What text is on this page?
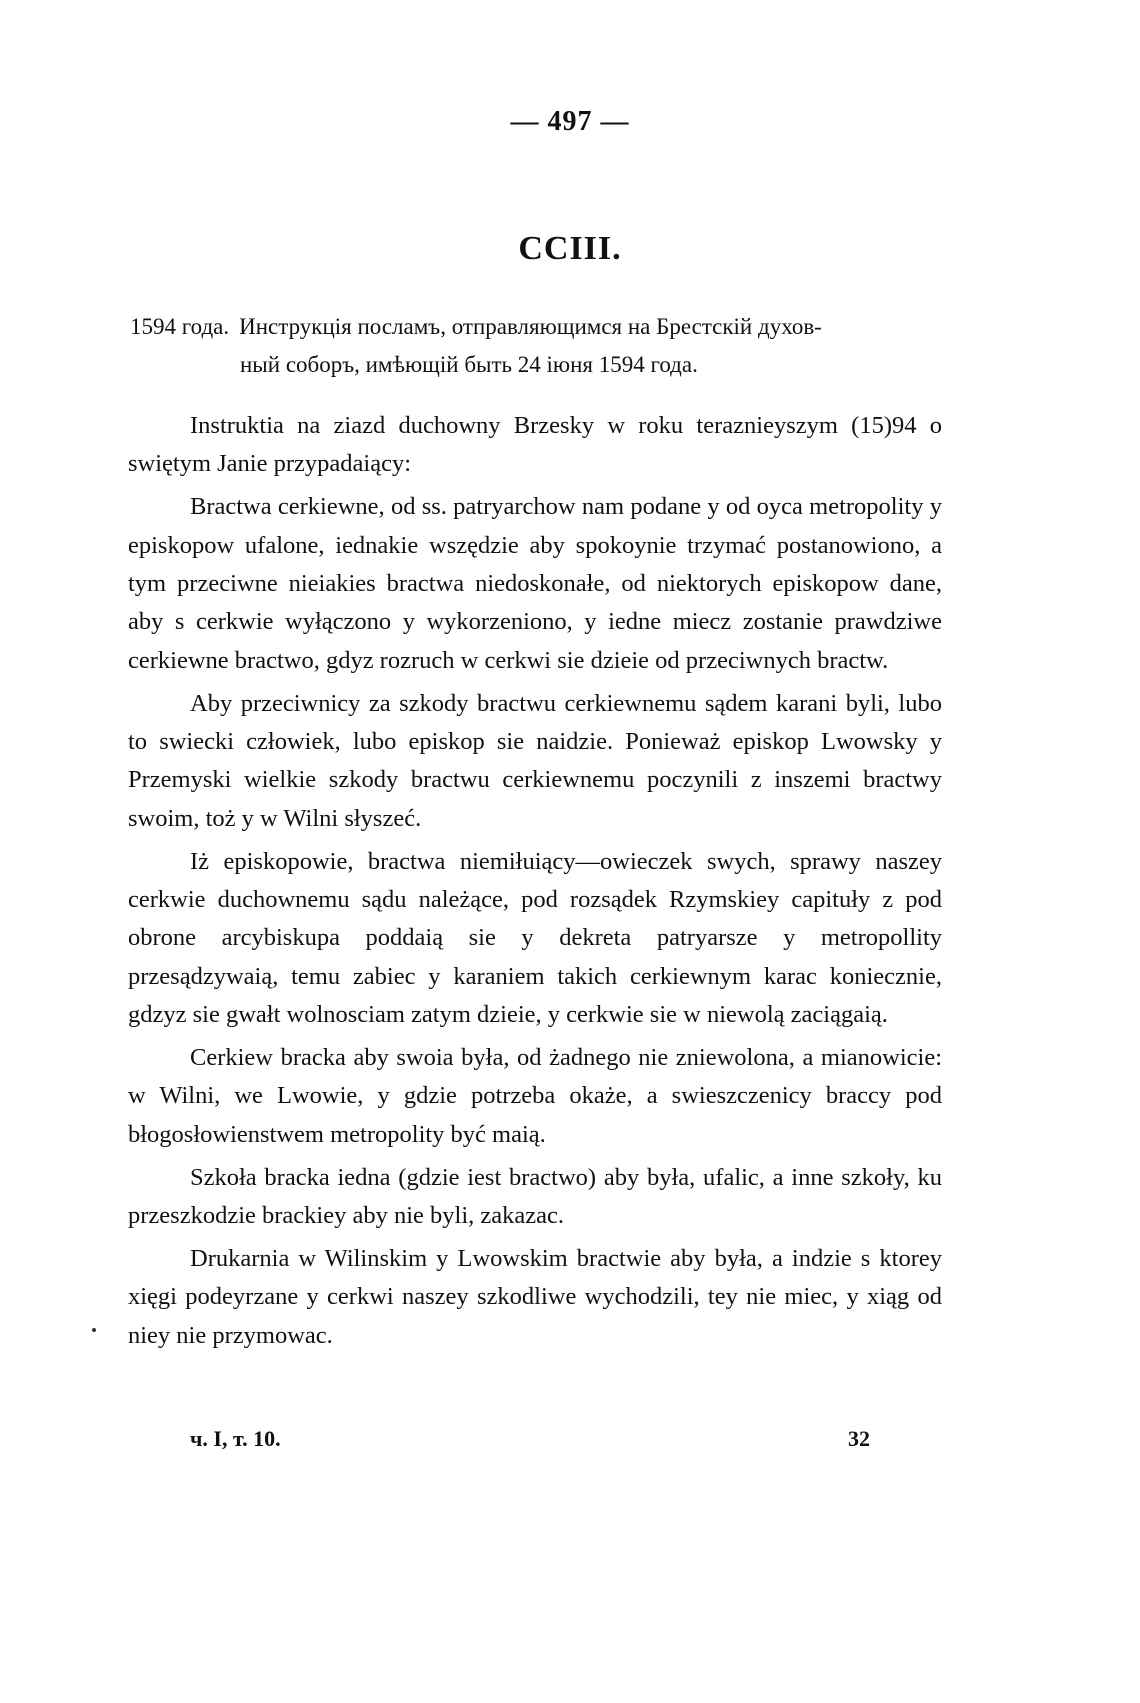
— 497 —
CCIII.
1594 года. Инструкція посламъ, отправляющимся на Брестскій духов-
ный соборъ, имѣющій быть 24 іюня 1594 года.

Instruktia na ziazd duchowny Brzesky w roku teraznieyszym (15)94 o swiętym Janie przypadaiący:

Bractwa cerkiewne, od ss. patryarchow nam podane y od oyca metropolity y episkopow ufalone, iednakie wszędzie aby spokoynie trzymać postanowiono, a tym przeciwne nieiakies bractwa niedoskonałe, od niektorych episkopow dane, aby s cerkwie wyłączono y wykorzeniono, y iedne miecz zostanie prawdziwe cerkiewne bractwo, gdyz rozruch w cerkwi sie dzieie od przeciwnych bractw.

Aby przeciwnicy za szkody bractwu cerkiewnemu sądem karani byli, lubo to swiecki człowiek, lubo episkop sie naidzie. Ponieważ episkop Lwowsky y Przemyski wielkie szkody bractwu cerkiewnemu poczynili z inszemi bractwy swoim, toż y w Wilni słyszeć.

Iż episkopowie, bractwa niemiłuiący—owieczek swych, sprawy naszey cerkwie duchownemu sądu należące, pod rozsądek Rzymskiey capituły z pod obrone arcybiskupa poddaią sie y dekreta patryarsze y metropollity przesądzywaią, temu zabiec y karaniem takich cerkiewnym karac koniecznie, gdzyz sie gwałt wolnosciam zatym dzieie, y cerkwie sie w niewolą zaciągaią.

Cerkiew bracka aby swoia była, od żadnego nie zniewolona, a mianowicie: w Wilni, we Lwowie, y gdzie potrzeba okaże, a swieszczenicy braccy pod błogosłowienstwem metropolity być maią.

Szkoła bracka iedna (gdzie iest bractwo) aby była, ufalic, a inne szkoły, ku przeszkodzie brackiey aby nie byli, zakazac.

Drukarnia w Wilinskim y Lwowskim bractwie aby była, a indzie s ktorey xięgi podeyrzane y cerkwi naszey szkodliwe wychodzili, tey nie miec, y xiąg od niey nie przymowac.

ч. I, т. 10.	32
